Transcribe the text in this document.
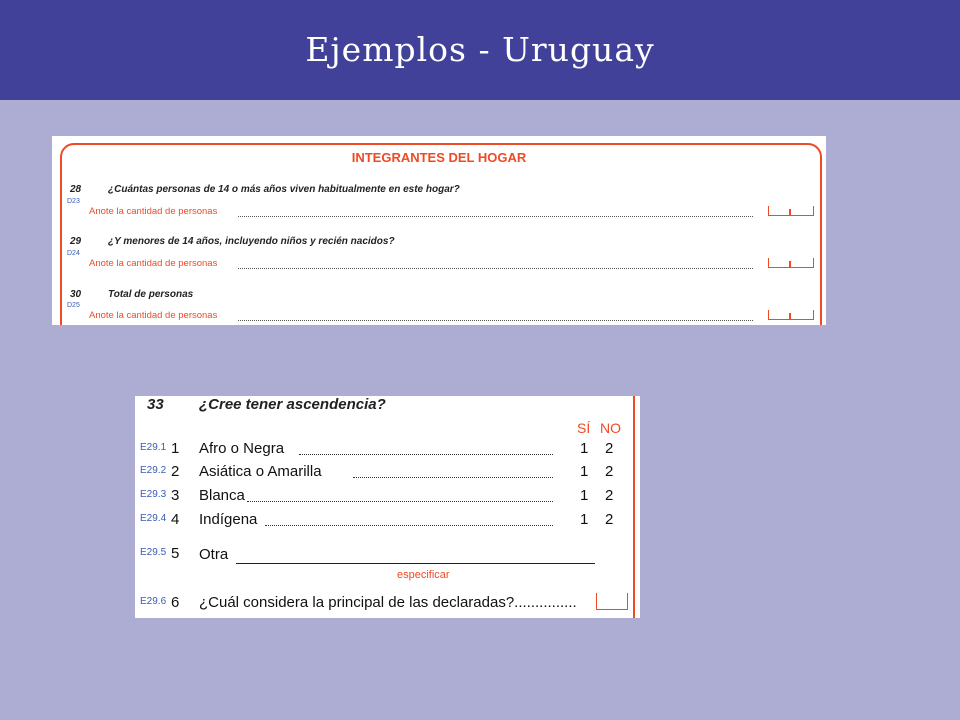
Ejemplos - Uruguay
INTEGRANTES DEL HOGAR
28	¿Cuántas personas de 14 o más años viven habitualmente en este hogar?
D23
Anote la cantidad de personas
29	¿Y menores de 14 años, incluyendo niños y recién nacidos?
D24
Anote la cantidad de personas
30	Total de personas
D25
Anote la cantidad de personas
33 ¿Cree tener ascendencia?
SÍ NO
E29.1 1 Afro o Negra	1 2
E29.2 2 Asiática o Amarilla	1 2
E29.3 3 Blanca	1 2
E29.4 4 Indígena	1 2
E29.5 5 Otra
especificar
E29.6 6 ¿Cuál considera la principal de las declaradas?...............
